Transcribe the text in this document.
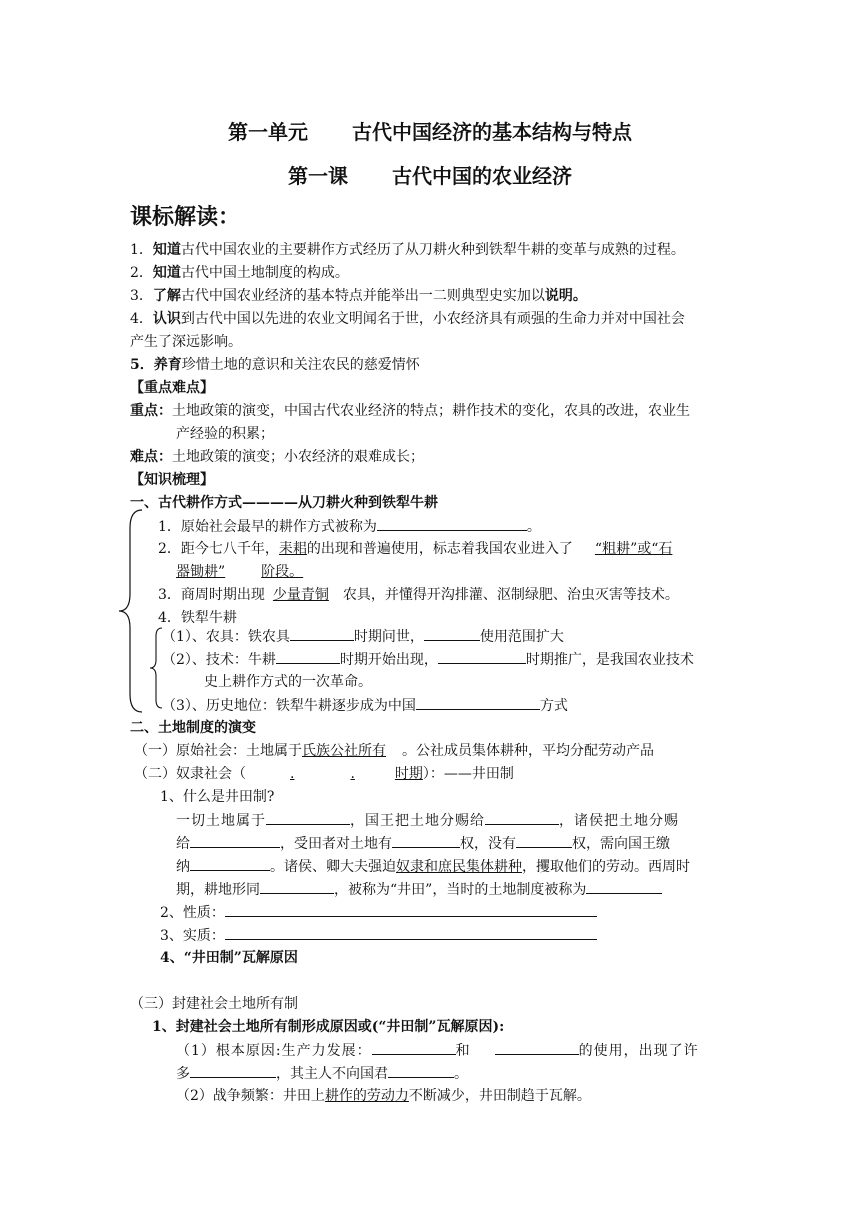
第一单元 古代中国经济的基本结构与特点
第一课 古代中国的农业经济
课标解读：
1．知道古代中国农业的主要耕作方式经历了从刀耕火种到铁犁牛耕的变革与成熟的过程。
2．知道古代中国土地制度的构成。
3．了解古代中国农业经济的基本特点并能举出一二则典型史实加以说明。
4．认识到古代中国以先进的农业文明闻名于世，小农经济具有顽强的生命力并对中国社会
产生了深远影响。
5．养育珍惜土地的意识和关注农民的慈爱情怀
【重点难点】
重点：土地政策的演变，中国古代农业经济的特点；耕作技术的变化，农具的改进，农业生
产经验的积累；
难点：土地政策的演变；小农经济的艰难成长；
【知识梳理】
一、古代耕作方式————从刀耕火种到铁犁牛耕
1．原始社会最早的耕作方式被称为	。
2．距今七八千年，耒耜的出现和普遍使用，标志着我国农业进入了 “粗耕”或“石
器锄耕”	阶段。
3．商周时期出现 少量青铜 农具，并懂得开沟排灌、沤制绿肥、治虫灭害等技术。
4．铁犁牛耕
（1）、农具：铁农具	时期问世，	使用范围扩大
（2）、技术：牛耕	时期开始出现，	时期推广，是我国农业技术
史上耕作方式的一次革命。
（3）、历史地位：铁犁牛耕逐步成为中国	方式
二、土地制度的演变
（一）原始社会：土地属于氏族公社所有 。公社成员集体耕种，平均分配劳动产品
（二）奴隶社会（	.	.	时期）：——井田制
1、什么是井田制?
一切土地属于	，国王把土地分赐给	，诸侯把土地分赐
给	，受田者对土地有	权，没有	权，需向国王缴
纳	。诸侯、卿大夫强迫奴隶和庶民集体耕种，攫取他们的劳动。西周时
期，耕地形同	，被称为“井田”，当时的土地制度被称为
2、性质：
3、实质：
4、“井田制”瓦解原因
（三）封建社会土地所有制
1、封建社会土地所有制形成原因或(“井田制”瓦解原因):
（1）根本原因:生产力发展：	和	的使用，出现了许
多	，其主人不向国君	。
（2）战争频繁：井田上耕作的劳动力不断减少，井田制趋于瓦解。
